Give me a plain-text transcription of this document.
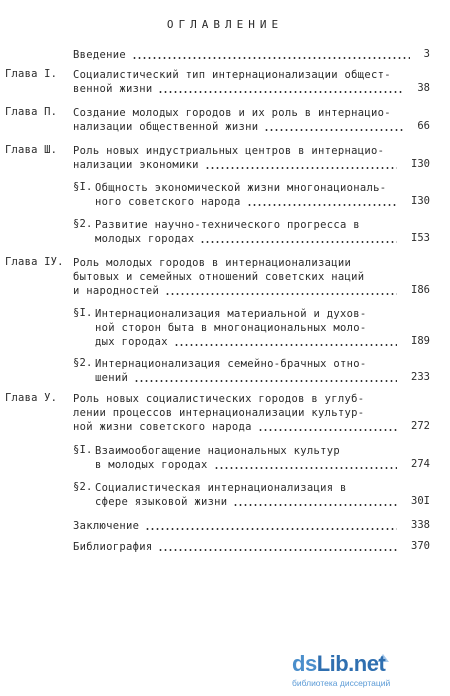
ОГЛАВЛЕНИЕ
Введение	3
Глава I. Социалистический тип интернационализации общест-
венной жизни	38
Глава П. Создание молодых городов и их роль в интернацио-
нализации общественной жизни	66
Глава Ш. Роль новых индустриальных центров в интернацио-
нализации экономики	I30
§I. Общность экономической жизни многонациональ-
ного советского народа	I30
§2. Развитие научно-технического прогресса в
молодых городах	I53
Глава IУ. Роль молодых городов в интернационализации
бытовых и семейных отношений советских наций
и народностей	I86
§I. Интернационализация материальной и духов-
ной сторон быта в многонациональных моло-
дых городах	I89
§2. Интернационализация семейно-брачных отно-
шений	233
Глава У. Роль новых социалистических городов в углуб-
лении процессов интернационализации культур-
ной жизни советского народа	272
§I. Взаимообогащение национальных культур
в молодых городах	274
§2. Социалистическая интернационализация в
сфере языковой жизни	30I
Заключение	338
Библиография	370
dsLib.net
библиотека диссертаций
